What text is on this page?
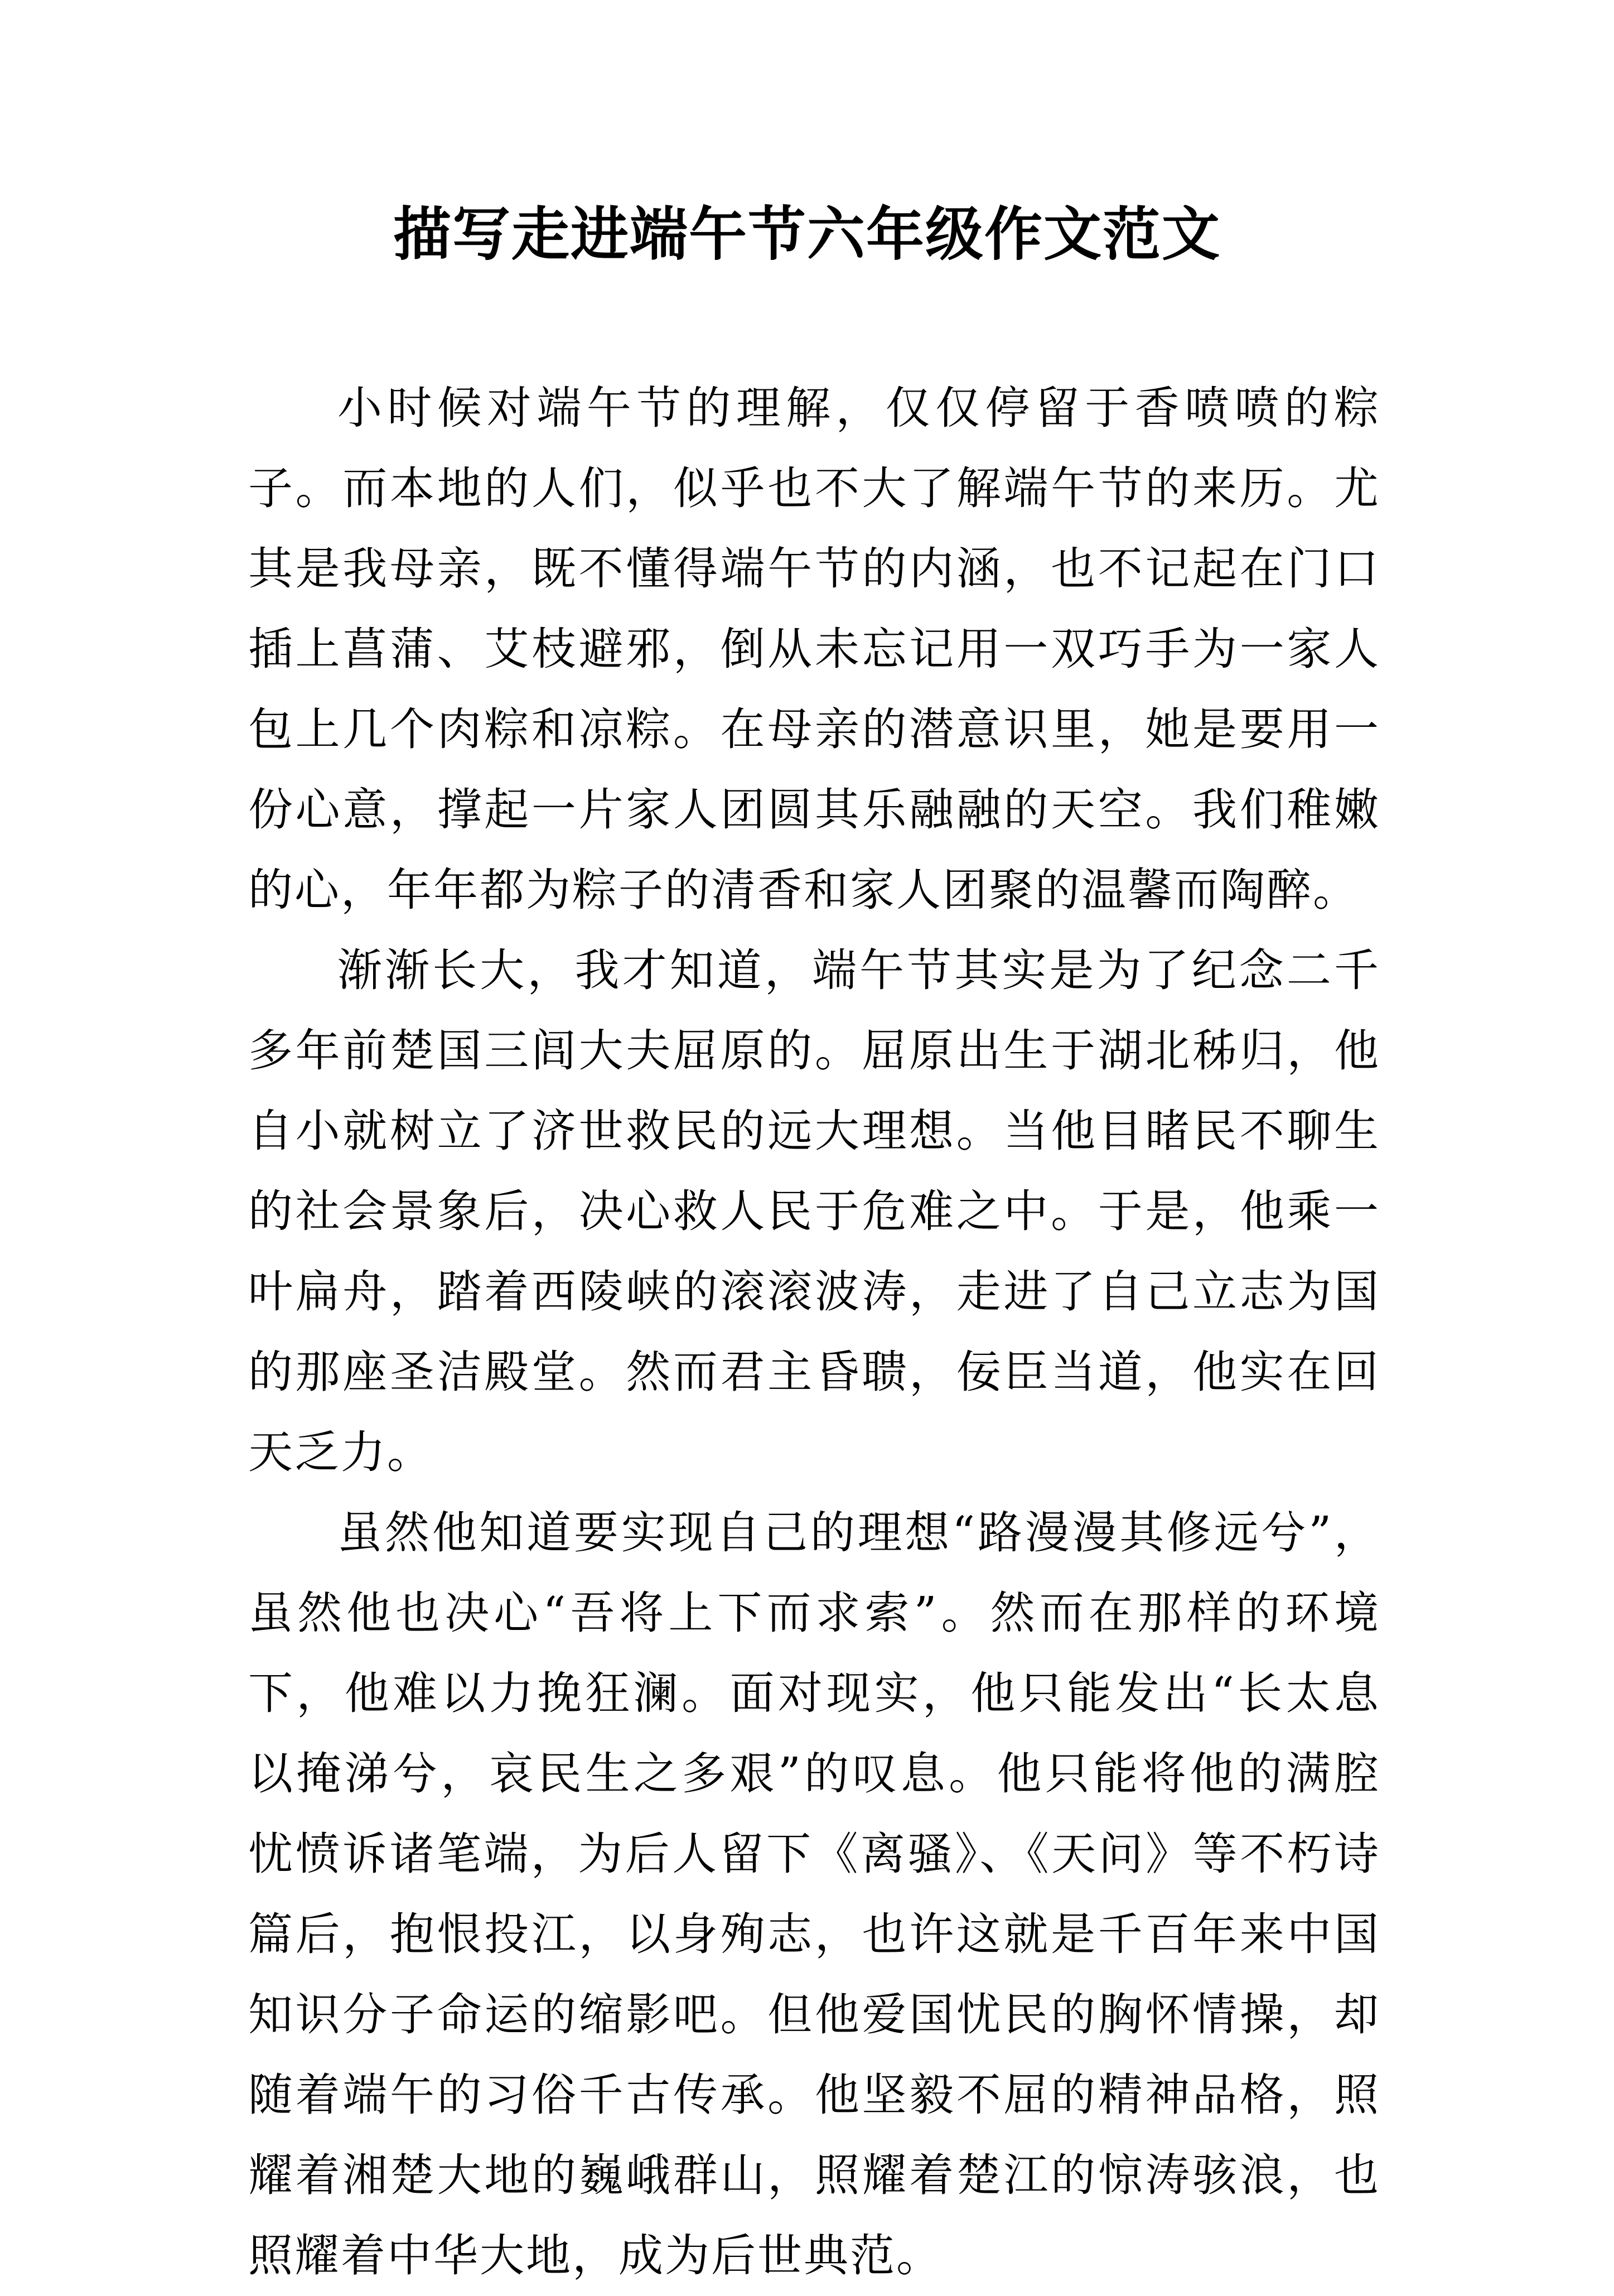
描写走进端午节六年级作文范文

小时候对端午节的理解，仅仅停留于香喷喷的粽子。而本地的人们，似乎也不大了解端午节的来历。尤其是我母亲，既不懂得端午节的内涵，也不记起在门口插上菖蒲、艾枝避邪，倒从未忘记用一双巧手为一家人包上几个肉粽和凉粽。在母亲的潜意识里，她是要用一份心意，撑起一片家人团圆其乐融融的天空。我们稚嫩的心，年年都为粽子的清香和家人团聚的温馨而陶醉。

渐渐长大，我才知道，端午节其实是为了纪念二千多年前楚国三闾大夫屈原的。屈原出生于湖北秭归，他自小就树立了济世救民的远大理想。当他目睹民不聊生的社会景象后，决心救人民于危难之中。于是，他乘一叶扁舟，踏着西陵峡的滚滚波涛，走进了自己立志为国的那座圣洁殿堂。然而君主昏聩，佞臣当道，他实在回天乏力。

虽然他知道要实现自己的理想“路漫漫其修远兮”，虽然他也决心“吾将上下而求索”。然而在那样的环境下，他难以力挽狂澜。面对现实，他只能发出“长太息以掩涕兮，哀民生之多艰”的叹息。他只能将他的满腔忧愤诉诸笔端，为后人留下《离骚》、《天问》等不朽诗篇后，抱恨投江，以身殉志，也许这就是千百年来中国知识分子命运的缩影吧。但他爱国忧民的胸怀情操，却随着端午的习俗千古传承。他坚毅不屈的精神品格，照耀着湘楚大地的巍峨群山，照耀着楚江的惊涛骇浪，也照耀着中华大地，成为后世典范。
